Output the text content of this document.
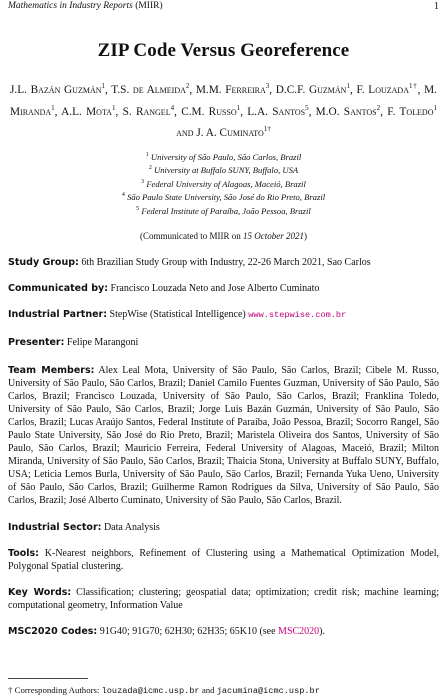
Mathematics in Industry Reports (MIIR)	1
ZIP Code Versus Georeference
J.L. Bazán Guzmán$^1$, T.S. de Almeida$^2$, M.M. Ferreira$^3$, D.C.F. Guzmán$^1$, F. Louzada$^{1\dagger}$, M. Miranda$^1$, A.L. Mota$^1$, S. Rangel$^4$, C.M. Russo$^1$, L.A. Santos$^5$, M.O. Santos$^2$, F. Toledo$^1$ and J. A. Cuminato$^{1\dagger}$
$^1$ University of São Paulo, São Carlos, Brazil
$^2$ University at Buffalo SUNY, Buffalo, USA
$^3$ Federal University of Alagoas, Maceió, Brazil
$^4$ São Paulo State University, São José do Rio Preto, Brazil
$^5$ Federal Institute of Paraíba, João Pessoa, Brazil
(Communicated to MIIR on 15 October 2021)

Study Group: 6th Brazilian Study Group with Industry, 22-26 March 2021, Sao Carlos

Communicated by: Francisco Louzada Neto and Jose Alberto Cuminato

Industrial Partner: StepWise (Statistical Intelligence) www.stepwise.com.br

Presenter: Felipe Marangoni

Team Members: Alex Leal Mota, University of São Paulo, São Carlos, Brazil; Cibele M. Russo, University of São Paulo, São Carlos, Brazil; Daniel Camilo Fuentes Guzman, University of São Paulo, São Carlos, Brazil; Francisco Louzada, University of São Paulo, São Carlos, Brazil; Franklina Toledo, University of São Paulo, São Carlos, Brazil; Jorge Luis Bazán Guzmán, University of São Paulo, São Carlos, Brazil; Lucas Araújo Santos, Federal Institute of Paraíba, João Pessoa, Brazil; Socorro Rangel, São Paulo State University, São José do Rio Preto, Brazil; Maristela Oliveira dos Santos, University of São Paulo, São Carlos, Brazil; Mauricio Ferreira, Federal University of Alagoas, Maceió, Brazil; Milton Miranda, University of São Paulo, São Carlos, Brazil; Thaicia Stona, University at Buffalo SUNY, Buffalo, USA; Leticia Lemos Burla, University of São Paulo, São Carlos, Brazil; Fernanda Yuka Ueno, University of São Paulo, São Carlos, Brazil; Guilherme Ramon Rodrigues da Silva, University of São Paulo, São Carlos, Brazil; José Alberto Cuminato, University of São Paulo, São Carlos, Brazil.

Industrial Sector: Data Analysis

Tools: K-Nearest neighbors, Refinement of Clustering using a Mathematical Optimization Model, Polygonal Spatial clustering.

Key Words: Classification; clustering; geospatial data; optimization; credit risk; machine learning; computational geometry, Information Value

MSC2020 Codes: 91G40; 91G70; 62H30; 62H35; 65K10 (see MSC2020).

† Corresponding Authors: louzada@icmc.usp.br and jacumina@icmc.usp.br
